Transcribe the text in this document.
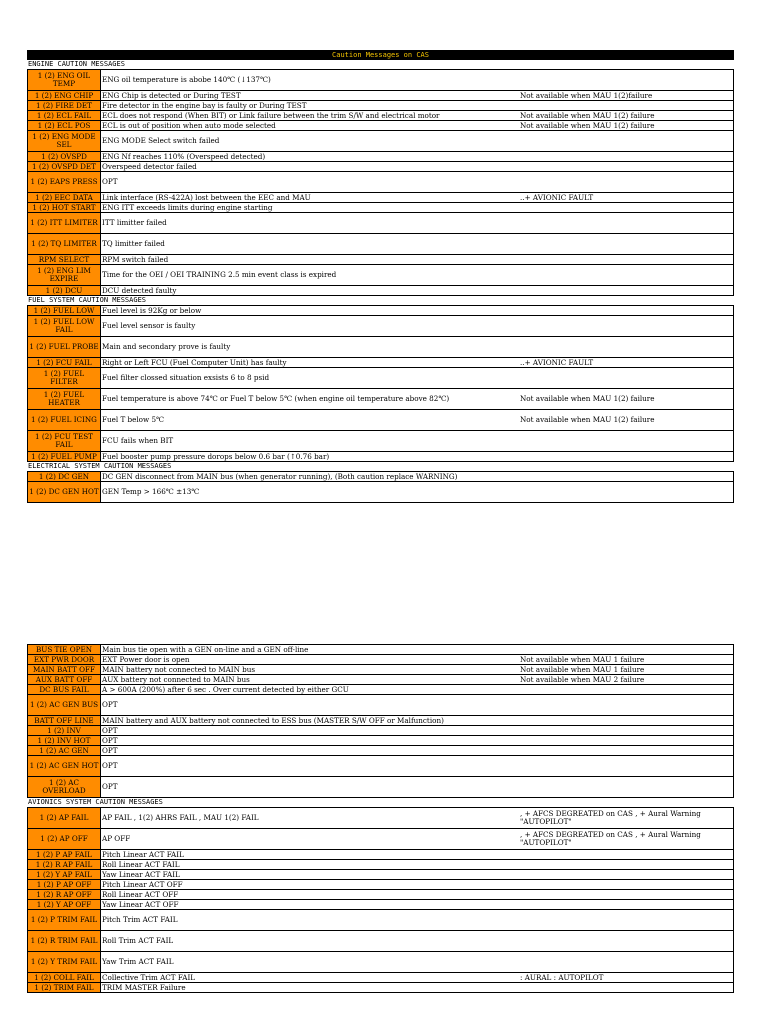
Caution Messages on CAS
ENGINE CAUTION MESSAGES
1 (2) ENG OIL TEMP	ENG oil temperature is abobe 140℃ (↓137℃)	
1 (2) ENG CHIP	ENG Chip is detected or During TEST	Not available when MAU 1(2)failure
1 (2) FIRE DET	Fire detector in the engine bay is faulty or During TEST	
1 (2) ECL FAIL	ECL does not respond (When BIT) or Link failure between the trim S/W and electrical motor	Not available when MAU 1(2) failure
1 (2) ECL POS	ECL is out of position when auto mode selected	Not available when MAU 1(2) failure
1 (2) ENG MODE SEL	ENG MODE Select switch failed	
1 (2) OVSPD	ENG Nf reaches 110% (Overspeed detected)	
1 (2) OVSPD DET	Overspeed detector failed	
1 (2) EAPS PRESS	OPT	
1 (2) EEC DATA	Link interface (RS-422A) lost between the EEC and MAU	..+ AVIONIC FAULT
1 (2) HOT START	ENG ITT exceeds limits during engine starting	
1 (2) ITT LIMITER	ITT limitter failed	
1 (2) TQ LIMITER	TQ limitter failed	
RPM SELECT	RPM switch failed	
1 (2) ENG LIM EXPIRE	Time for the OEI / OEI TRAINING 2.5 min event class is expired	
1 (2) DCU	DCU detected faulty	
FUEL SYSTEM CAUTION MESSAGES
1 (2) FUEL LOW	Fuel level is 92Kg or below	
1 (2) FUEL LOW FAIL	Fuel level sensor is faulty	
1 (2) FUEL PROBE	Main and secondary prove is faulty	
1 (2) FCU FAIL	Right or Left FCU (Fuel Computer Unit) has faulty	..+ AVIONIC FAULT
1 (2) FUEL FILTER	Fuel filter clossed situation exsists 6 to 8 psid	
1 (2) FUEL HEATER	Fuel temperature is above 74℃ or Fuel T below 5℃ (when engine oil temperature above 82℃)	Not available when MAU 1(2) failure
1 (2) FUEL ICING	Fuel T below 5℃	Not available when MAU 1(2) failure
1 (2) FCU TEST FAIL	FCU fails when BIT	
1 (2) FUEL PUMP	Fuel booster pump pressure dorops below 0.6 bar (↑0.76 bar)	
ELECTRICAL SYSTEM CAUTION MESSAGES
1 (2) DC GEN	DC GEN disconnect from MAIN bus (when generator running), (Both caution replace WARNING)	
1 (2) DC GEN HOT	GEN Temp > 166℃ ±13℃	
BUS TIE OPEN	Main bus tie open with a GEN on-line and a GEN off-line	
EXT PWR DOOR	EXT Power door is open	Not available when MAU 1 failure
MAIN BATT OFF	MAIN battery not connected to MAIN bus	Not available when MAU 1 failure
AUX BATT OFF	AUX battery not connected to MAIN bus	Not available when MAU 2 failure
DC BUS FAIL	A > 600A (200%) after 6 sec . Over current detected by either GCU	
1 (2) AC GEN BUS	OPT	
BATT OFF LINE	MAIN battery and AUX battery not connected to ESS bus (MASTER S/W OFF or Malfunction)	
1 (2) INV	OPT	
1 (2) INV HOT	OPT	
1 (2) AC GEN	OPT	
1 (2) AC GEN HOT	OPT	
1 (2) AC OVERLOAD	OPT	
AVIONICS SYSTEM CAUTION MESSAGES
1 (2) AP FAIL	AP FAIL , 1(2) AHRS FAIL , MAU 1(2) FAIL	, + AFCS DEGREATED on CAS , + Aural Warning "AUTOPILOT"
1 (2) AP OFF	AP OFF	, + AFCS DEGREATED on CAS , + Aural Warning "AUTOPILOT"
1 (2) P AP FAIL	Pitch Linear ACT FAIL	
1 (2) R AP FAIL	Roll Linear ACT FAIL	
1 (2) Y AP FAIL	Yaw Linear ACT FAIL	
1 (2) P AP OFF	Pitch Linear ACT OFF	
1 (2) R AP OFF	Roll Linear ACT OFF	
1 (2) Y AP OFF	Yaw Linear ACT OFF	
1 (2) P TRIM FAIL	Pitch Trim ACT FAIL	
1 (2) R TRIM FAIL	Roll Trim ACT FAIL	
1 (2) Y TRIM FAIL	Yaw Trim ACT FAIL	
1 (2) COLL FAIL	Collective Trim ACT FAIL	: AURAL : AUTOPILOT
1 (2) TRIM FAIL	TRIM MASTER Failure	
